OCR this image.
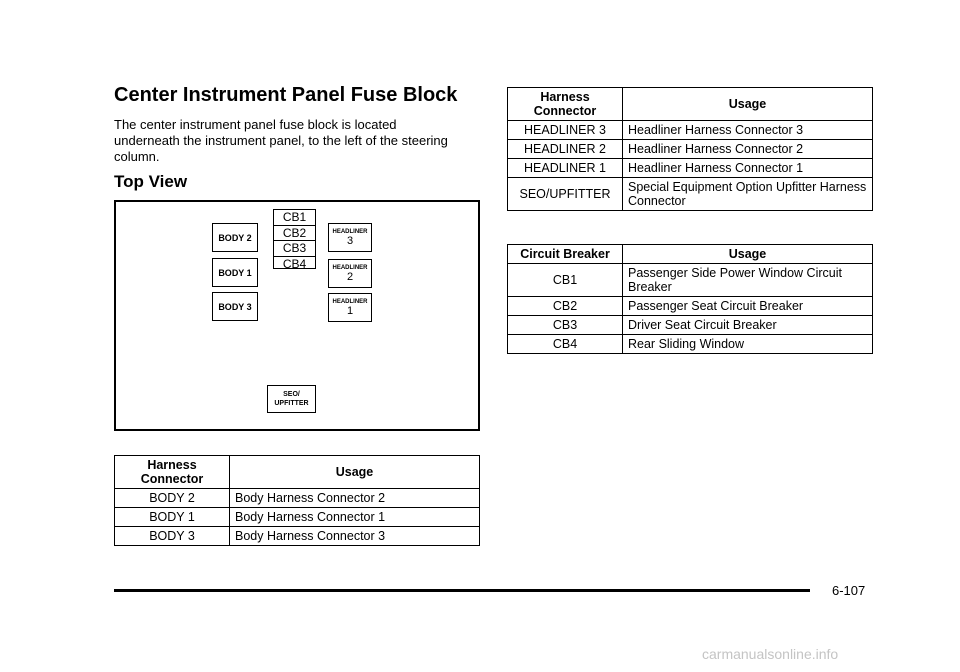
Center Instrument Panel Fuse Block

The center instrument panel fuse block is located underneath the instrument panel, to the left of the steering column.

Top View
BODY 2
BODY 1
BODY 3
CB1
CB2
CB3
CB4
HEADLINER
3
HEADLINER
2
HEADLINER
1
SEO/
UPFITTER
Harness Connector	Usage
BODY 2	Body Harness Connector 2
BODY 1	Body Harness Connector 1
BODY 3	Body Harness Connector 3
Harness Connector	Usage
HEADLINER 3	Headliner Harness Connector 3
HEADLINER 2	Headliner Harness Connector 2
HEADLINER 1	Headliner Harness Connector 1
SEO/UPFITTER	Special Equipment Option Upfitter Harness Connector
Circuit Breaker	Usage
CB1	Passenger Side Power Window Circuit Breaker
CB2	Passenger Seat Circuit Breaker
CB3	Driver Seat Circuit Breaker
CB4	Rear Sliding Window
6-107
carmanualsonline.info
